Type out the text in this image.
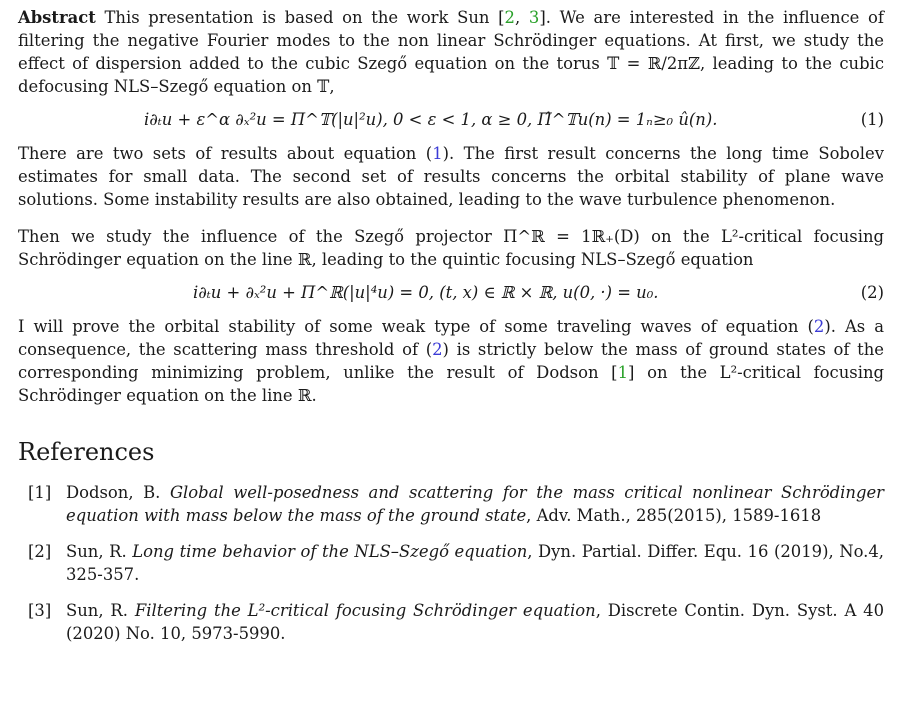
Abstract This presentation is based on the work Sun [2, 3]. We are interested in the influence of filtering the negative Fourier modes to the non linear Schrödinger equations. At first, we study the effect of dispersion added to the cubic Szegő equation on the torus 𝕋 = ℝ/2πℤ, leading to the cubic defocusing NLS–Szegő equation on 𝕋,

i∂ₜu + ε^α ∂ₓ²u = Π^𝕋(|u|²u), 0 < ε < 1, α ≥ 0, Π̂^𝕋u(n) = 1ₙ≥₀ û(n).	(1)

There are two sets of results about equation (1). The first result concerns the long time Sobolev estimates for small data. The second set of results concerns the orbital stability of plane wave solutions. Some instability results are also obtained, leading to the wave turbulence phenomenon.

Then we study the influence of the Szegő projector Π^ℝ = 1ℝ₊(D) on the L²-critical focusing Schrödinger equation on the line ℝ, leading to the quintic focusing NLS–Szegő equation

i∂ₜu + ∂ₓ²u + Π^ℝ(|u|⁴u) = 0, (t, x) ∈ ℝ × ℝ, u(0, ·) = u₀.	(2)

I will prove the orbital stability of some weak type of some traveling waves of equation (2). As a consequence, the scattering mass threshold of (2) is strictly below the mass of ground states of the corresponding minimizing problem, unlike the result of Dodson [1] on the L²-critical focusing Schrödinger equation on the line ℝ.

References
[1] Dodson, B. Global well-posedness and scattering for the mass critical nonlinear Schrödinger equation with mass below the mass of the ground state, Adv. Math., 285(2015), 1589-1618
[2] Sun, R. Long time behavior of the NLS–Szegő equation, Dyn. Partial. Differ. Equ. 16 (2019), No.4, 325-357.
[3] Sun, R. Filtering the L²-critical focusing Schrödinger equation, Discrete Contin. Dyn. Syst. A 40 (2020) No. 10, 5973-5990.
